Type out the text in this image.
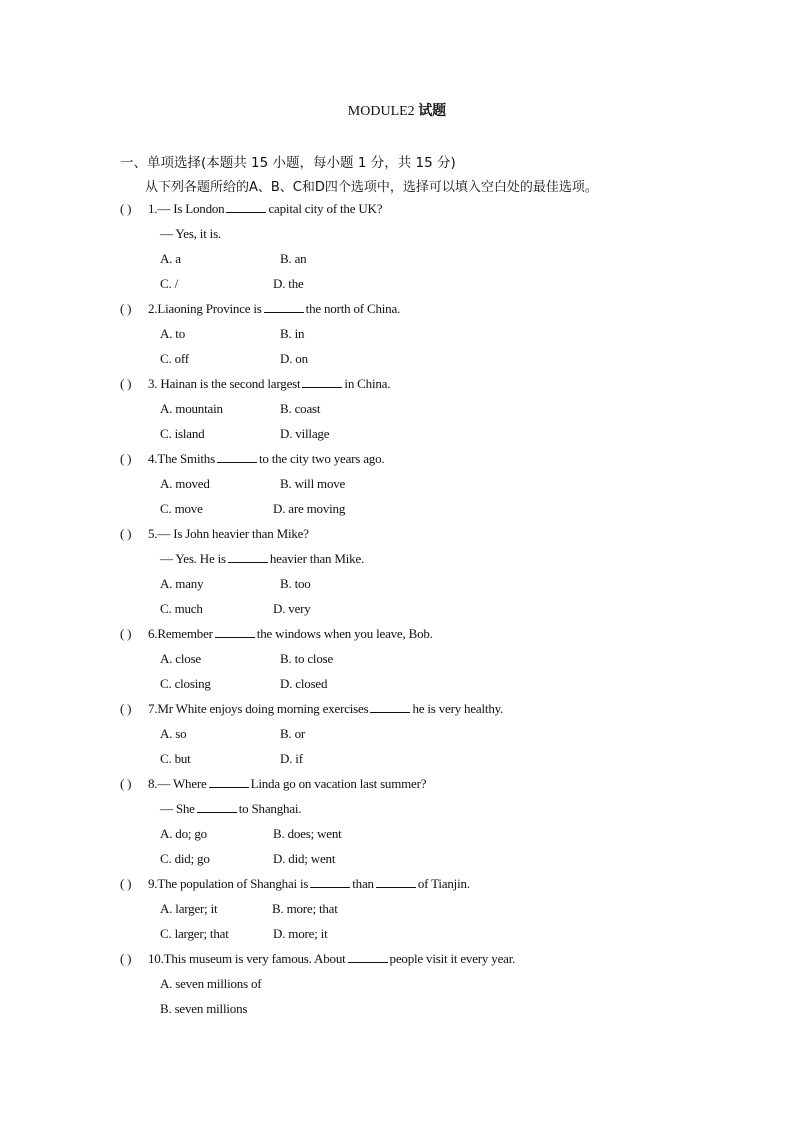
MODULE2 试题
一、单项选择(本题共 15 小题，每小题 1 分，共 15 分)
从下列各题所给的A、B、C和D四个选项中，选择可以填入空白处的最佳选项。
( ) 1.— Is London	capital city of the UK?
— Yes, it is.
A. a	B. an
C. /	D. the
( ) 2.Liaoning Province is	the north of China.
A. to	B. in
C. off	D. on
( ) 3. Hainan is the second largest	in China.
A. mountain	B. coast
C. island	D. village
( ) 4.The Smiths	to the city two years ago.
A. moved	B. will move
C. move	D. are moving
( ) 5.— Is John heavier than Mike?
— Yes. He is	heavier than Mike.
A. many	B. too
C. much	D. very
( ) 6.Remember	the windows when you leave, Bob.
A. close	B. to close
C. closing	D. closed
( ) 7.Mr White enjoys doing morning exercises	he is very healthy.
A. so	B. or
C. but	D. if
( ) 8.— Where	Linda go on vacation last summer?
— She	to Shanghai.
A. do; go	B. does; went
C. did; go	D. did; went
( ) 9.The population of Shanghai is	than	of Tianjin.
A. larger; it	B. more; that
C. larger; that	D. more; it
( ) 10.This museum is very famous. About	people visit it every year.
A. seven millions of
B. seven millions
